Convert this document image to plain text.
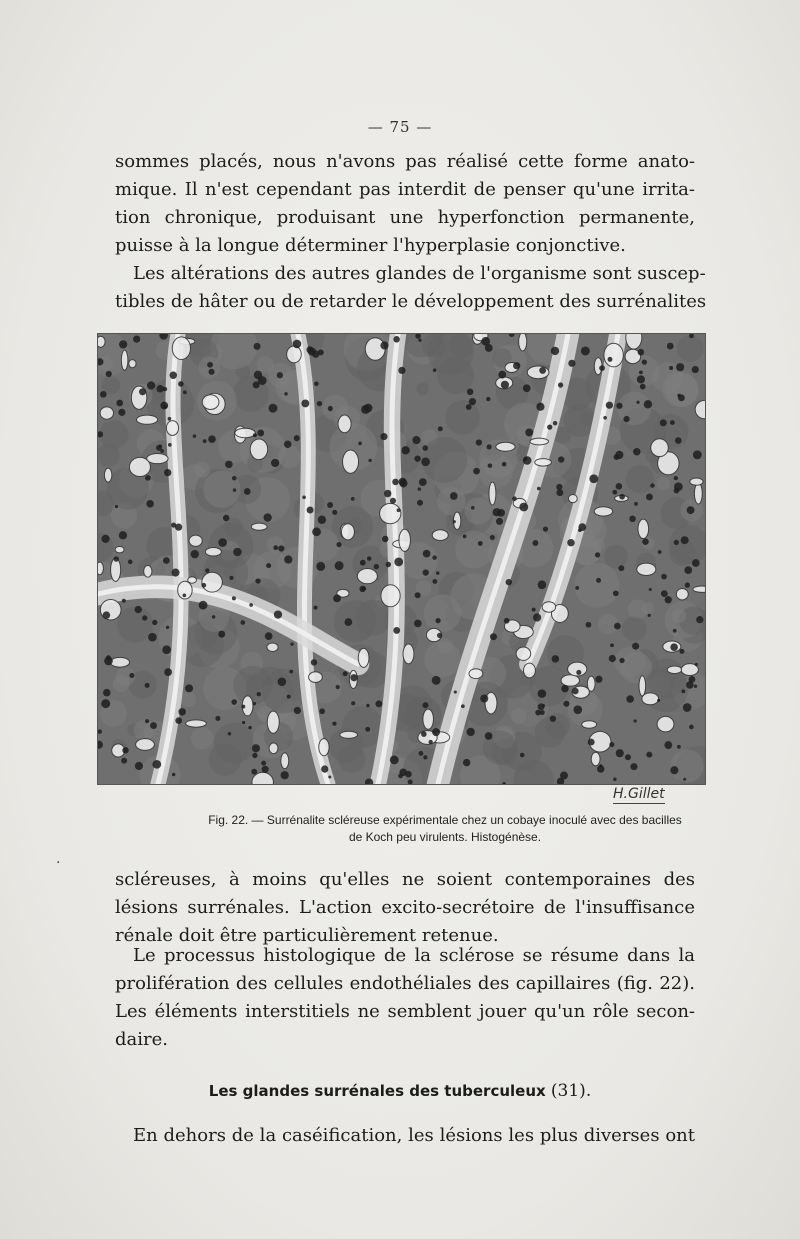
— 75 —

sommes placés, nous n'avons pas réalisé cette forme anato-
mique. Il n'est cependant pas interdit de penser qu'une irrita-
tion chronique, produisant une hyperfonction permanente,
puisse à la longue déterminer l'hyperplasie conjonctive.

Les altérations des autres glandes de l'organisme sont suscep-
tibles de hâter ou de retarder le développement des surrénalites

H.Gillet
Fig. 22. — Surrénalite scléreuse expérimentale chez un cobaye inoculé avec des bacilles
de Koch peu virulents. Histogénèse.

scléreuses, à moins qu'elles ne soient contemporaines des
lésions surrénales. L'action excito-secrétoire de l'insuffisance
rénale doit être particulièrement retenue.

Le processus histologique de la sclérose se résume dans la
prolifération des cellules endothéliales des capillaires (fig. 22).
Les éléments interstitiels ne semblent jouer qu'un rôle secon-
daire.

Les glandes surrénales des tuberculeux (31).

En dehors de la caséification, les lésions les plus diverses ont

·
